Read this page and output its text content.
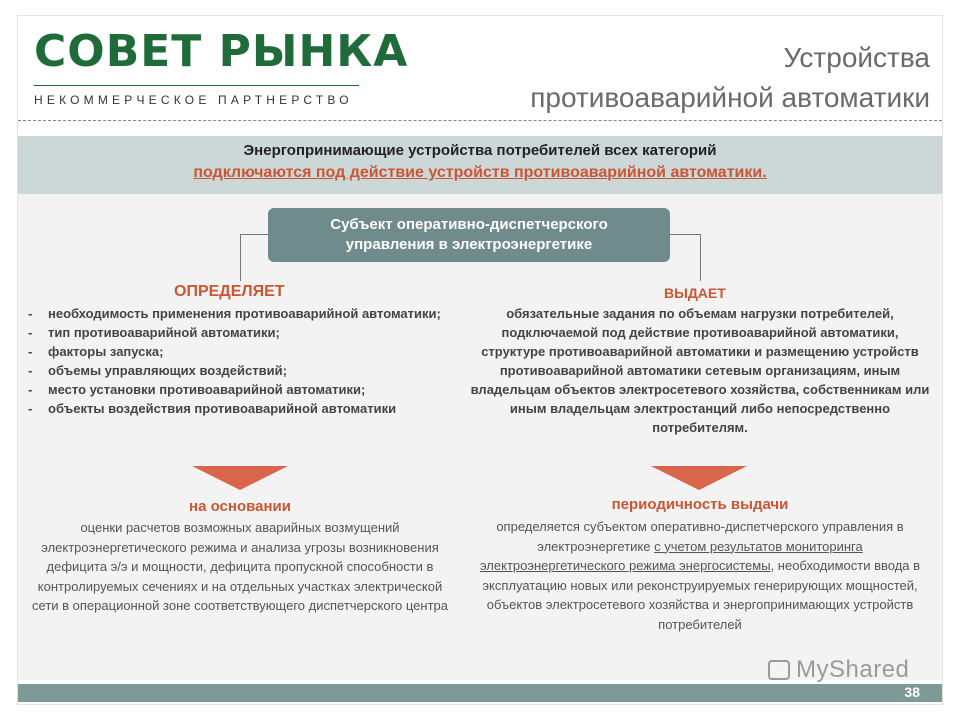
СОВЕТ РЫНКА
НЕКОММЕРЧЕСКОЕ ПАРТНЕРСТВО
Устройства
противоаварийной автоматики
Энергопринимающие устройства потребителей всех категорий
подключаются под действие устройств противоаварийной автоматики.
Субъект оперативно-диспетчерского
управления в электроэнергетике
ОПРЕДЕЛЯЕТ	ВЫДАЕТ
- необходимость применения противоаварийной автоматики;
- тип противоаварийной автоматики;
- факторы запуска;
- объемы управляющих воздействий;
- место установки противоаварийной автоматики;
- объекты воздействия противоаварийной автоматики
обязательные задания по объемам нагрузки потребителей, подключаемой под действие противоаварийной автоматики, структуре противоаварийной автоматики и размещению устройств противоаварийной автоматики сетевым организациям, иным владельцам объектов электросетевого хозяйства, собственникам или иным владельцам электростанций либо непосредственно потребителям.
на основании
оценки расчетов возможных аварийных возмущений электроэнергетического режима и анализа угрозы возникновения дефицита э/э и мощности, дефицита пропускной способности в контролируемых сечениях и на отдельных участках электрической сети в операционной зоне соответствующего диспетчерского центра
периодичность выдачи
определяется субъектом оперативно-диспетчерского управления в электроэнергетике с учетом результатов мониторинга электроэнергетического режима энергосистемы, необходимости ввода в эксплуатацию новых или реконструируемых генерирующих мощностей, объектов электросетевого хозяйства и энергопринимающих устройств потребителей
38
MyShared
